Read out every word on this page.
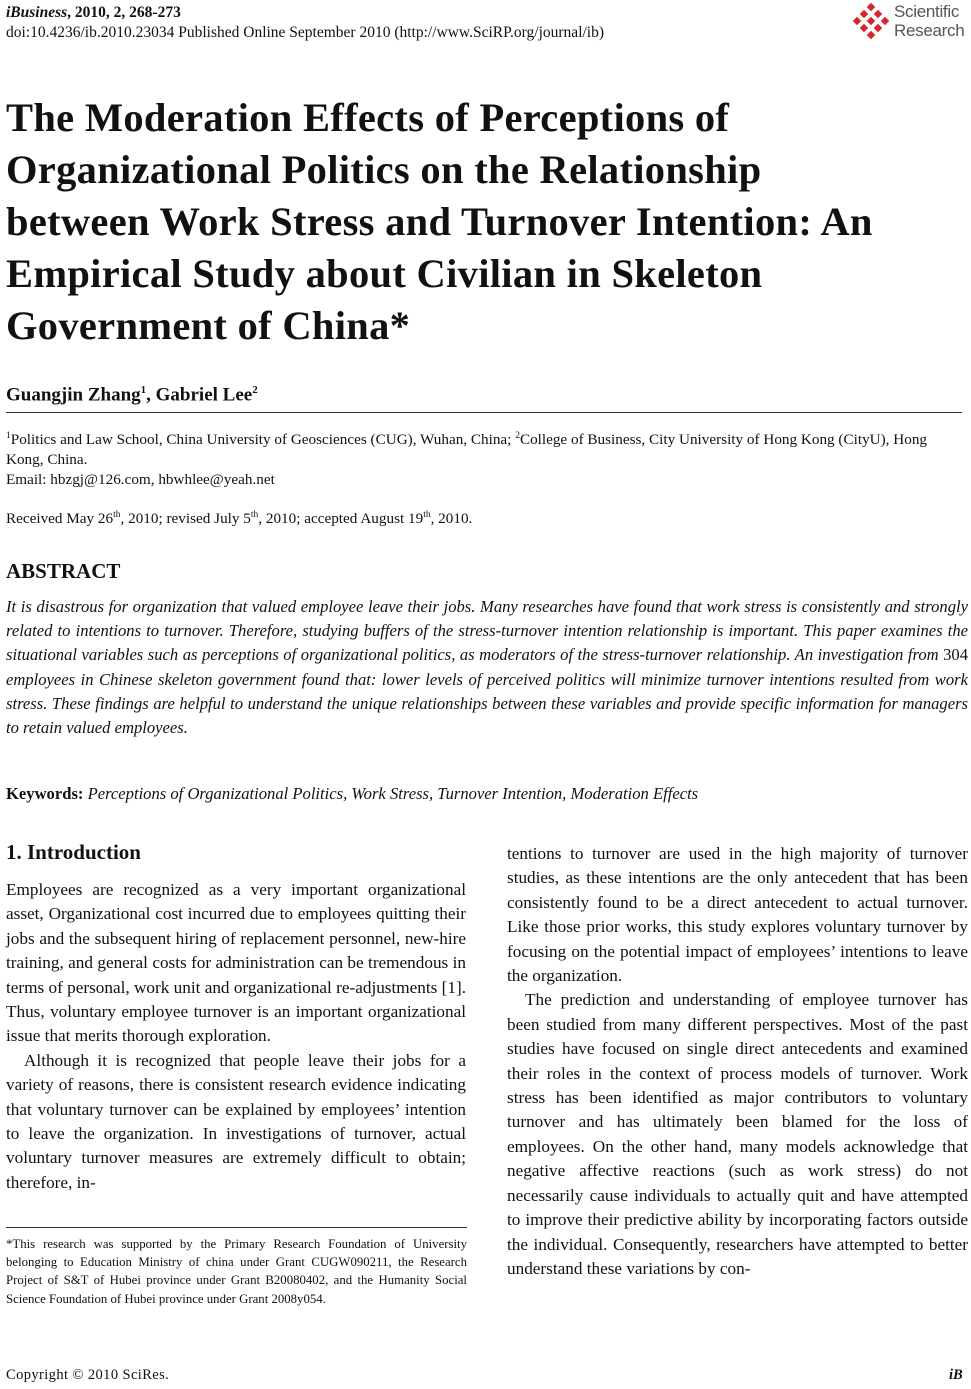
iBusiness, 2010, 2, 268-273
doi:10.4236/ib.2010.23034 Published Online September 2010 (http://www.SciRP.org/journal/ib)
Scientific
Research
The Moderation Effects of Perceptions of
Organizational Politics on the Relationship
between Work Stress and Turnover Intention: An
Empirical Study about Civilian in Skeleton
Government of China*
Guangjin Zhang$^1$, Gabriel Lee$^2$
$^1$Politics and Law School, China University of Geosciences (CUG), Wuhan, China; $^2$College of Business, City University of Hong Kong (CityU), Hong Kong, China.
Email: hbzgj@126.com, hbwhlee@yeah.net
Received May 26th, 2010; revised July 5th, 2010; accepted August 19th, 2010.
ABSTRACT
It is disastrous for organization that valued employee leave their jobs. Many researches have found that work stress is consistently and strongly related to intentions to turnover. Therefore, studying buffers of the stress-turnover intention relationship is important. This paper examines the situational variables such as perceptions of organizational politics, as moderators of the stress-turnover relationship. An investigation from 304 employees in Chinese skeleton government found that: lower levels of perceived politics will minimize turnover intentions resulted from work stress. These findings are helpful to understand the unique relationships between these variables and provide specific information for managers to retain valued employees.
Keywords: Perceptions of Organizational Politics, Work Stress, Turnover Intention, Moderation Effects
1. Introduction

Employees are recognized as a very important organizational asset, Organizational cost incurred due to employees quitting their jobs and the subsequent hiring of replacement personnel, new-hire training, and general costs for administration can be tremendous in terms of personal, work unit and organizational re-adjustments [1]. Thus, voluntary employee turnover is an important organizational issue that merits thorough exploration.

Although it is recognized that people leave their jobs for a variety of reasons, there is consistent research evidence indicating that voluntary turnover can be explained by employees’ intention to leave the organization. In investigations of turnover, actual voluntary turnover measures are extremely difficult to obtain; therefore, in-

tentions to turnover are used in the high majority of turnover studies, as these intentions are the only antecedent that has been consistently found to be a direct antecedent to actual turnover. Like those prior works, this study explores voluntary turnover by focusing on the potential impact of employees’ intentions to leave the organization.

The prediction and understanding of employee turnover has been studied from many different perspectives. Most of the past studies have focused on single direct antecedents and examined their roles in the context of process models of turnover. Work stress has been identified as major contributors to voluntary turnover and has ultimately been blamed for the loss of employees. On the other hand, many models acknowledge that negative affective reactions (such as work stress) do not necessarily cause individuals to actually quit and have attempted to improve their predictive ability by incorporating factors outside the individual. Consequently, researchers have attempted to better understand these variations by con-

*This research was supported by the Primary Research Foundation of University belonging to Education Ministry of china under Grant CUGW090211, the Research Project of S&T of Hubei province under Grant B20080402, and the Humanity Social Science Foundation of Hubei province under Grant 2008y054.
Copyright © 2010 SciRes.	iB
